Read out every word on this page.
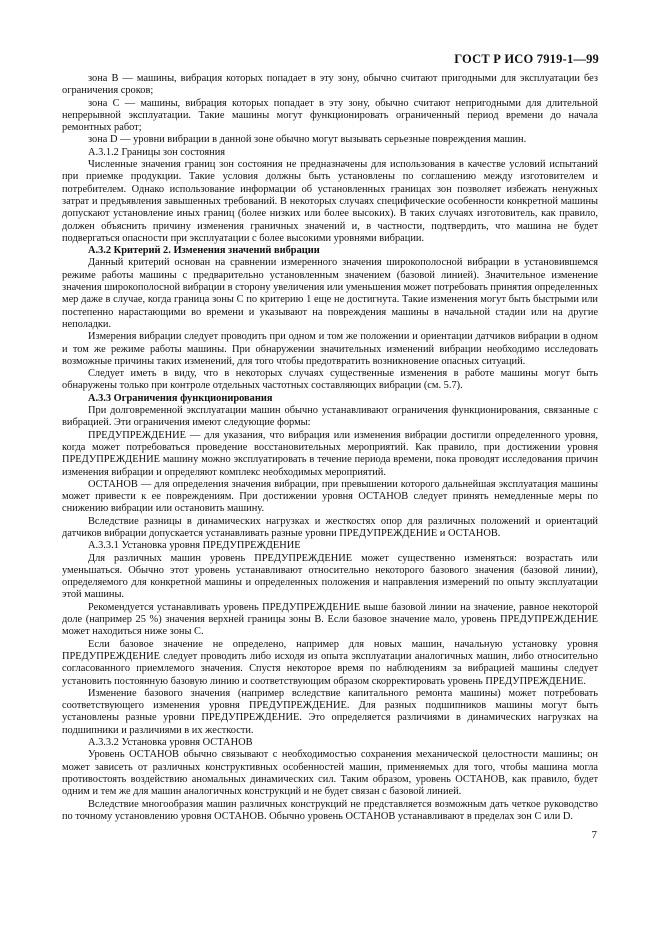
ГОСТ Р ИСО 7919-1—99

зона В — машины, вибрация которых попадает в эту зону, обычно считают пригодными для эксплуатации без ограничения сроков;

зона С — машины, вибрация которых попадает в эту зону, обычно считают непригодными для длительной непрерывной эксплуатации. Такие машины могут функционировать ограниченный период времени до начала ремонтных работ;

зона D — уровни вибрации в данной зоне обычно могут вызывать серьезные повреждения машин.

А.3.1.2 Границы зон состояния

Численные значения границ зон состояния не предназначены для использования в качестве условий испытаний при приемке продукции. Такие условия должны быть установлены по соглашению между изготовителем и потребителем. Однако использование информации об установленных границах зон позволяет избежать ненужных затрат и предъявления завышенных требований. В некоторых случаях специфические особенности конкретной машины допускают установление иных границ (более низких или более высоких). В таких случаях изготовитель, как правило, должен объяснить причину изменения граничных значений и, в частности, подтвердить, что машина не будет подвергаться опасности при эксплуатации с более высокими уровнями вибрации.

А.3.2 Критерий 2. Изменения значений вибрации

Данный критерий основан на сравнении измеренного значения широкополосной вибрации в установившемся режиме работы машины с предварительно установленным значением (базовой линией). Значительное изменение значения широкополосной вибрации в сторону увеличения или уменьшения может потребовать принятия определенных мер даже в случае, когда граница зоны С по критерию 1 еще не достигнута. Такие изменения могут быть быстрыми или постепенно нарастающими во времени и указывают на повреждения машины в начальной стадии или на другие неполадки.

Измерения вибрации следует проводить при одном и том же положении и ориентации датчиков вибрации в одном и том же режиме работы машины. При обнаружении значительных изменений вибрации необходимо исследовать возможные причины таких изменений, для того чтобы предотвратить возникновение опасных ситуаций.

Следует иметь в виду, что в некоторых случаях существенные изменения в работе машины могут быть обнаружены только при контроле отдельных частотных составляющих вибрации (см. 5.7).

А.3.3 Ограничения функционирования

При долговременной эксплуатации машин обычно устанавливают ограничения функционирования, связанные с вибрацией. Эти ограничения имеют следующие формы:

ПРЕДУПРЕЖДЕНИЕ — для указания, что вибрация или изменения вибрации достигли определенного уровня, когда может потребоваться проведение восстановительных мероприятий. Как правило, при достижении уровня ПРЕДУПРЕЖДЕНИЕ машину можно эксплуатировать в течение периода времени, пока проводят исследования причин изменения вибрации и определяют комплекс необходимых мероприятий.

ОСТАНОВ — для определения значения вибрации, при превышении которого дальнейшая эксплуатация машины может привести к ее повреждениям. При достижении уровня ОСТАНОВ следует принять немедленные меры по снижению вибрации или остановить машину.

Вследствие разницы в динамических нагрузках и жесткостях опор для различных положений и ориентаций датчиков вибрации допускается устанавливать разные уровни ПРЕДУПРЕЖДЕНИЕ и ОСТАНОВ.

А.3.3.1 Установка уровня ПРЕДУПРЕЖДЕНИЕ

Для различных машин уровень ПРЕДУПРЕЖДЕНИЕ может существенно изменяться: возрастать или уменьшаться. Обычно этот уровень устанавливают относительно некоторого базового значения (базовой линии), определяемого для конкретной машины и определенных положения и направления измерений по опыту эксплуатации этой машины.

Рекомендуется устанавливать уровень ПРЕДУПРЕЖДЕНИЕ выше базовой линии на значение, равное некоторой доле (например 25 %) значения верхней границы зоны В. Если базовое значение мало, уровень ПРЕДУПРЕЖДЕНИЕ может находиться ниже зоны С.

Если базовое значение не определено, например для новых машин, начальную установку уровня ПРЕДУПРЕЖДЕНИЕ следует проводить либо исходя из опыта эксплуатации аналогичных машин, либо относительно согласованного приемлемого значения. Спустя некоторое время по наблюдениям за вибрацией машины следует установить постоянную базовую линию и соответствующим образом скорректировать уровень ПРЕДУПРЕЖДЕНИЕ.

Изменение базового значения (например вследствие капитального ремонта машины) может потребовать соответствующего изменения уровня ПРЕДУПРЕЖДЕНИЕ. Для разных подшипников машины могут быть установлены разные уровни ПРЕДУПРЕЖДЕНИЕ. Это определяется различиями в динамических нагрузках на подшипники и различиями в их жесткости.

А.3.3.2 Установка уровня ОСТАНОВ

Уровень ОСТАНОВ обычно связывают с необходимостью сохранения механической целостности машины; он может зависеть от различных конструктивных особенностей машин, применяемых для того, чтобы машина могла противостоять воздействию аномальных динамических сил. Таким образом, уровень ОСТАНОВ, как правило, будет одним и тем же для машин аналогичных конструкций и не будет связан с базовой линией.

Вследствие многообразия машин различных конструкций не представляется возможным дать четкое руководство по точному установлению уровня ОСТАНОВ. Обычно уровень ОСТАНОВ устанавливают в пределах зон С или D.

7
